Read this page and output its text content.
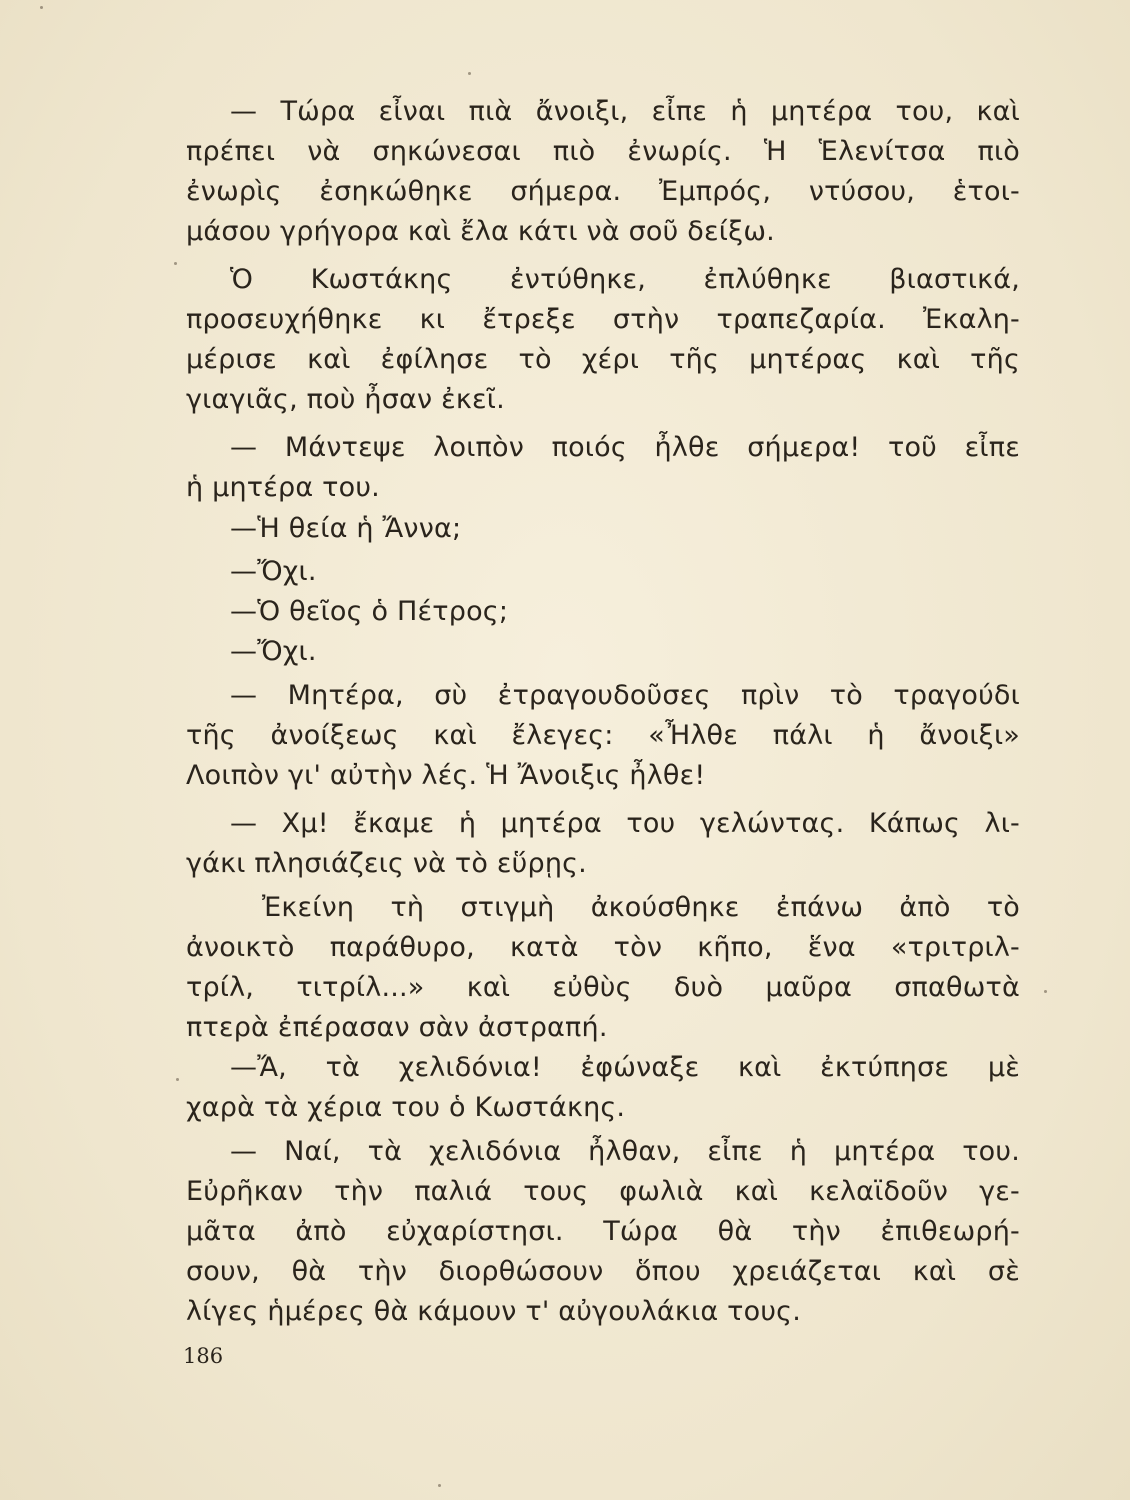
— Τώρα εἶναι πιὰ ἄνοιξι, εἶπε ἡ μητέρα του, καὶ
πρέπει νὰ σηκώνεσαι πιὸ ἐνωρίς. Ἡ Ἑλενίτσα πιὸ
ἐνωρὶς ἐσηκώθηκε σήμερα. Ἐμπρός, ντύσου, ἑτοι-
μάσου γρήγορα καὶ ἔλα κάτι νὰ σοῦ δείξω.
Ὁ Κωστάκης ἐντύθηκε, ἐπλύθηκε βιαστικά,
προσευχήθηκε κι ἔτρεξε στὴν τραπεζαρία. Ἐκαλη-
μέρισε καὶ ἐφίλησε τὸ χέρι τῆς μητέρας καὶ τῆς
γιαγιᾶς, ποὺ ἦσαν ἐκεῖ.
— Μάντεψε λοιπὸν ποιός ἦλθε σήμερα! τοῦ εἶπε
ἡ μητέρα του.
—Ἡ θεία ἡ Ἄννα;
—Ὄχι.
—Ὁ θεῖος ὁ Πέτρος;
—Ὄχι.
— Μητέρα, σὺ ἐτραγουδοῦσες πρὶν τὸ τραγούδι
τῆς ἀνοίξεως καὶ ἔλεγες: «Ἦλθε πάλι ἡ ἄνοιξι»
Λοιπὸν γι' αὐτὴν λές. Ἡ Ἄνοιξις ἦλθε!
— Χμ! ἔκαμε ἡ μητέρα του γελώντας. Κάπως λι-
γάκι πλησιάζεις νὰ τὸ εὕρῃς.
Ἐκείνη τὴ στιγμὴ ἀκούσθηκε ἐπάνω ἀπὸ τὸ
ἀνοικτὸ παράθυρο, κατὰ τὸν κῆπο, ἕνα «τριτριλ-
τρίλ, τιτρίλ...» καὶ εὐθὺς δυὸ μαῦρα σπαθωτὰ
πτερὰ ἐπέρασαν σὰν ἀστραπή.
—Ἄ, τὰ χελιδόνια! ἐφώναξε καὶ ἐκτύπησε μὲ
χαρὰ τὰ χέρια του ὁ Κωστάκης.
— Ναί, τὰ χελιδόνια ἦλθαν, εἶπε ἡ μητέρα του.
Εὐρῆκαν τὴν παλιά τους φωλιὰ καὶ κελαϊδοῦν γε-
μᾶτα ἀπὸ εὐχαρίστησι. Τώρα θὰ τὴν ἐπιθεωρή-
σουν, θὰ τὴν διορθώσουν ὅπου χρειάζεται καὶ σὲ
λίγες ἡμέρες θὰ κάμουν τ' αὐγουλάκια τους.
186
